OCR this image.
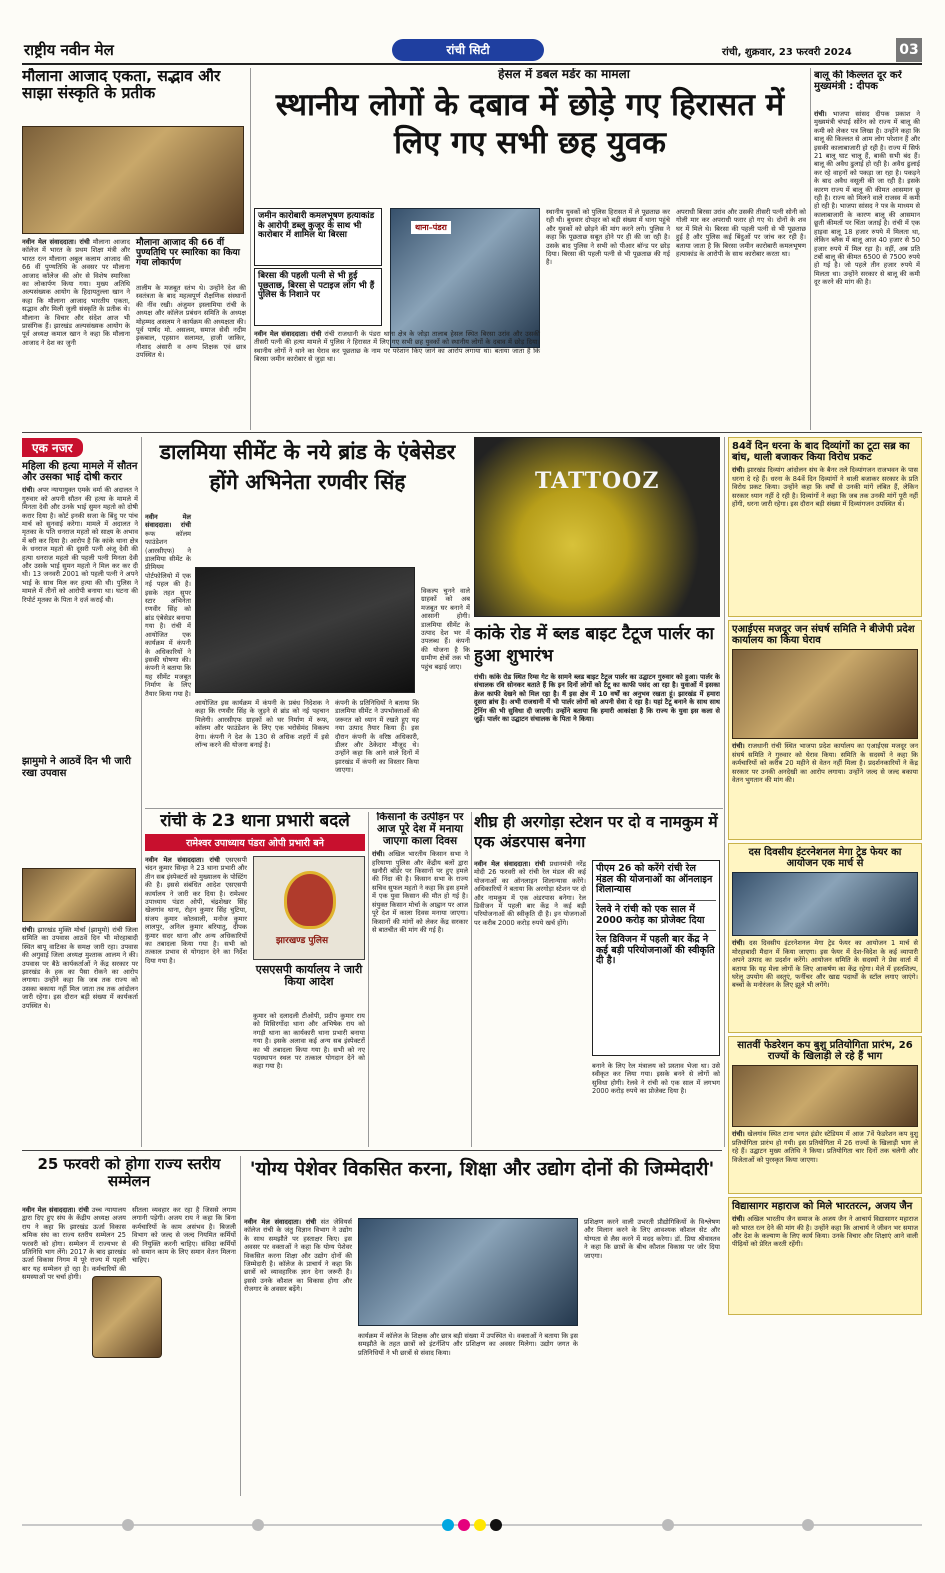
राष्ट्रीय नवीन मेल	रांची सिटी	रांची, शुक्रवार, 23 फरवरी 2024	03
मौलाना आजाद एकता, सद्भाव और साझा संस्कृति के प्रतीक
नवीन मेल संवाददाता। रांची मौलाना आजाद कॉलेज में भारत के प्रथम शिक्षा मंत्री और भारत रत्न मौलाना अबुल कलाम आजाद की 66 वीं पुण्यतिथि के अवसर पर मौलाना आजाद कॉलेज की ओर से विशेष स्मारिका का लोकार्पण किया गया। मुख्य अतिथि अल्पसंख्यक आयोग के हिदायतुल्ला खान ने कहा कि मौलाना आजाद भारतीय एकता, सद्भाव और मिली जुली संस्कृति के प्रतीक थे। मौलाना के विचार और संदेश आज भी प्रासंगिक हैं। झारखंड अल्पसंख्यक आयोग के पूर्व अध्यक्ष कमाल खान ने कहा कि मौलाना आजाद ने देश का जुनी
मौलाना आजाद की 66 वीं पुण्यतिथि पर स्मारिका का किया गया लोकार्पण
तालीम के मजबूत स्तंभ थे। उन्होंने देश की स्वतंत्रता के बाद महत्वपूर्ण शैक्षणिक संस्थानों की नींव रखी। अंजुमन इस्लामिया रांची के अध्यक्ष और कॉलेज प्रबंधन समिति के अध्यक्ष मोहम्मद असलम ने कार्यक्रम की अध्यक्षता की। पूर्व पार्षद मो. असलम, समाज सेवी नदीम इकबाल, एहसान सलामत, हाजी जाकिर, नौशाद अंसारी व अन्य शिक्षक एवं छात्र उपस्थित थे।
हेसल में डबल मर्डर का मामला
स्थानीय लोगों के दबाव में छोड़े गए हिरासत में लिए गए सभी छह युवक
जमीन कारोबारी कमलभूषण हत्याकांड के आरोपी डब्लू कुजूर के साथ भी कारोबार में शामिल था बिरसा
बिरसा की पहली पत्नी से भी हुई पूछताछ, बिरसा से पटाइज लोग भी हैं पुलिस के निशाने पर
थाना–पंडरा
नवीन मेल संवाददाता। रांची रांची राजधानी के पंडरा थाना क्षेत्र के जोड़ा तालाब हेसल स्थित बिरसा उरांव और उसकी तीसरी पत्नी की हत्या मामले में पुलिस ने हिरासत में लिए गए सभी छह युवकों को स्थानीय लोगों के दबाव में छोड़ दिया। स्थानीय लोगों ने थाने का घेराव कर पूछताछ के नाम पर परेशान किए जाने का आरोप लगाया था। बताया जाता है कि बिरसा जमीन कारोबार से जुड़ा था।
स्थानीय युवकों को पुलिस हिरासत में ले पूछताछ कर रही थी। बुधवार दोपहर को बड़ी संख्या में थाना पहुंचे और युवकों को छोड़ने की मांग करने लगे। पुलिस ने कहा कि पूछताछ सबूत होने पर ही की जा रही है। उसके बाद पुलिस ने सभी को पीआर बॉन्ड पर छोड़ दिया। बिरसा की पहली पत्नी से भी पूछताछ की गई है।
अपराधी बिरसा उरांव और उसकी तीसरी पत्नी सोनी को गोली मार कर अपराधी फरार हो गए थे। दोनों के शव घर में मिले थे। बिरसा की पहली पत्नी से भी पूछताछ हुई है और पुलिस कई बिंदुओं पर जांच कर रही है। बताया जाता है कि बिरसा जमीन कारोबारी कमलभूषण हत्याकांड के आरोपी के साथ कारोबार करता था।
बालू की किल्लत दूर करें मुख्यमंत्री : दीपक
रांची। भाजपा सांसद दीपक प्रकाश ने मुख्यमंत्री चंपाई सोरेन को राज्य में बालू की कमी को लेकर पत्र लिखा है। उन्होंने कहा कि बालू की किल्लत से आम लोग परेशान हैं और इसकी कालाबाजारी हो रही है। राज्य में सिर्फ 21 बालू घाट चालू हैं, बाकी सभी बंद हैं। बालू की अवैध ढुलाई हो रही है। अवैध ढुलाई कर रहे वाहनों को पकड़ा जा रहा है। पकड़ने के बाद अवैध वसूली की जा रही है। इसके कारण राज्य में बालू की कीमत आसमान छू रही है। राज्य को मिलने वाले राजस्व में कमी हो रही है। भाजपा सांसद ने पत्र के माध्यम से कालाबाजारी के कारण बालू की आसमान छूती कीमतों पर चिंता जताई है। रांची में एक हाइवा बालू 18 हजार रुपये में मिलता था, लेकिन ब्लैक में बालू आज 40 हजार से 50 हजार रुपये में मिल रहा है। वहीं, अब प्रति टर्बो बालू की कीमत 6500 से 7500 रुपये हो गई है। जो पहले तीन हजार रुपये में मिलता था। उन्होंने सरकार से बालू की कमी दूर करने की मांग की है।
एक नजर
महिला की हत्या मामले में सौतन और उसका भाई दोषी करार
रांची। अपर न्यायायुक्त एमके वर्मा की अदालत ने गुरुवार को अपनी सौतन की हत्या के मामले में मिनता देवी और उनके भाई सुमन महतो को दोषी करार दिया है। कोर्ट इनकी सजा के बिंदु पर पांच मार्च को सुनवाई करेगा। मामले में अदालत ने मृतका के पति धनराज महतो को साक्ष्य के अभाव में बरी कर दिया है। आरोप है कि कांके थाना क्षेत्र के धनराज महतो की दूसरी पत्नी अंजू देवी की हत्या धनराज महतो की पहली पत्नी मिनता देवी और उसके भाई सुमन महतो ने मिल कर कर दी थी। 13 जनवरी 2001 को पहली पत्नी ने अपने भाई के साथ मिल कर हत्या की थी। पुलिस ने मामले में तीनों को आरोपी बनाया था। घटना की रिपोर्ट मृतका के पिता ने दर्ज कराई थी।
झामुमो ने आठवें दिन भी जारी रखा उपवास
रांची। झारखंड मुक्ति मोर्चा (झामुमो) रांची जिला समिति का उपवास आठवें दिन भी मोरहाबादी स्थित बापू वाटिका के समक्ष जारी रहा। उपवास की अगुवाई जिला अध्यक्ष मुश्ताक आलम ने की। उपवास पर बैठे कार्यकर्ताओं ने केंद्र सरकार पर झारखंड के हक का पैसा रोकने का आरोप लगाया। उन्होंने कहा कि जब तक राज्य को उसका बकाया नहीं मिल जाता तब तक आंदोलन जारी रहेगा। इस दौरान बड़ी संख्या में कार्यकर्ता उपस्थित थे।
डालमिया सीमेंट के नये ब्रांड के एंबेसेडर होंगे अभिनेता रणवीर सिंह
नवीन मेल संवाददाता। रांची रूफ कॉलम फाउंडेशन (आरसीएफ) ने डालमिया सीमेंट के प्रीमियम पोर्टफोलियो में एक नई पहल की है। इसके तहत सुपर स्टार अभिनेता रणवीर सिंह को ब्रांड एंबेसेडर बनाया गया है। रांची में आयोजित एक कार्यक्रम में कंपनी के अधिकारियों ने इसकी घोषणा की। कंपनी ने बताया कि यह सीमेंट मजबूत निर्माण के लिए तैयार किया गया है।
विकल्प चुनने वाले ग्राहकों को अब मजबूत घर बनाने में आसानी होगी। डालमिया सीमेंट के उत्पाद देश भर में उपलब्ध हैं। कंपनी की योजना है कि ग्रामीण क्षेत्रों तक भी पहुंच बढ़ाई जाए।
आयोजित इस कार्यक्रम में कंपनी के प्रबंध निदेशक ने कहा कि रणवीर सिंह के जुड़ने से ब्रांड को नई पहचान मिलेगी। आरसीएफ ग्राहकों को घर निर्माण में रूफ, कॉलम और फाउंडेशन के लिए एक भरोसेमंद विकल्प देगा। कंपनी ने देश के 130 से अधिक शहरों में इसे लॉन्च करने की योजना बनाई है।
कंपनी के प्रतिनिधियों ने बताया कि डालमिया सीमेंट ने उपभोक्ताओं की जरूरत को ध्यान में रखते हुए यह नया उत्पाद तैयार किया है। इस दौरान कंपनी के वरिष्ठ अधिकारी, डीलर और ठेकेदार मौजूद थे। उन्होंने कहा कि आने वाले दिनों में झारखंड में कंपनी का विस्तार किया जाएगा।
TATTOOZ
कांके रोड में ब्लड बाइट टैटूज पार्लर का हुआ शुभारंभ
रांची। कांके रोड स्थित रिम्स गेट के सामने ब्लड बाइट टैटूज पार्लर का उद्घाटन गुरुवार को हुआ। पार्लर के संचालक रवि सोनकर बताते हैं कि इन दिनों लोगों को टैटू का काफी पसंद आ रहा है। युवाओं में इसका क्रेज काफी देखने को मिल रहा है। मैं इस क्षेत्र में 10 वर्षों का अनुभव रखता हूं। झारखंड में हमारा दूसरा ब्रांच है। अभी राजधानी में भी पार्लर लोगों को अपनी सेवा दे रहा है। यहां टैटू बनाने के साथ साथ ट्रेनिंग की भी सुविधा दी जाएगी। उन्होंने बताया कि हमारी आकांक्षा है कि राज्य के युवा इस कला से जुड़ें। पार्लर का उद्घाटन संचालक के पिता ने किया।
84वें दिन धरना के बाद दिव्यांगों का टूटा सब्र का बांध, थाली बजाकर किया विरोध प्रकट
रांची। झारखंड दिव्यांग आंदोलन संघ के बैनर तले दिव्यांगजन राजभवन के पास धरना दे रहे हैं। धरना के 84वें दिन दिव्यांगों ने थाली बजाकर सरकार के प्रति विरोध प्रकट किया। उन्होंने कहा कि वर्षों से उनकी मांगें लंबित हैं, लेकिन सरकार ध्यान नहीं दे रही है। दिव्यांगों ने कहा कि जब तक उनकी मांगें पूरी नहीं होंगी, धरना जारी रहेगा। इस दौरान बड़ी संख्या में दिव्यांगजन उपस्थित थे।
एआईएस मजदूर जन संघर्ष समिति ने बीजेपी प्रदेश कार्यालय का किया घेराव
रांची। राजधानी रांची स्थित भाजपा प्रदेश कार्यालय का एआईएस मजदूर जन संघर्ष समिति ने गुरुवार को घेराव किया। समिति के सदस्यों ने कहा कि कर्मचारियों को करीब 20 महीने से वेतन नहीं मिला है। प्रदर्शनकारियों ने केंद्र सरकार पर उनकी अनदेखी का आरोप लगाया। उन्होंने जल्द से जल्द बकाया वेतन भुगतान की मांग की।
दस दिवसीय इंटरनेशनल मेगा ट्रेड फेयर का आयोजन एक मार्च से
रांची। दस दिवसीय इंटरनेशनल मेगा ट्रेड फेयर का आयोजन 1 मार्च से मोरहाबादी मैदान में किया जाएगा। इस फेयर में देश-विदेश के कई व्यापारी अपने उत्पाद का प्रदर्शन करेंगे। आयोजन समिति के सदस्यों ने प्रेस वार्ता में बताया कि यह मेला लोगों के लिए आकर्षण का केंद्र रहेगा। मेले में हस्तशिल्प, घरेलू उपयोग की वस्तुएं, फर्नीचर और खाद्य पदार्थों के स्टॉल लगाए जाएंगे। बच्चों के मनोरंजन के लिए झूले भी लगेंगे।
सातवीं फेडरेशन कप बुशु प्रतियोगिता प्रारंभ, 26 राज्यों के खिलाड़ी ले रहे हैं भाग
रांची। खेलगांव स्थित टाना भगत इंडोर स्टेडियम में आज 7वें फेडरेशन कप वुशु प्रतियोगिता प्रारंभ हो गयी। इस प्रतियोगिता में 26 राज्यों के खिलाड़ी भाग ले रहे हैं। उद्घाटन मुख्य अतिथि ने किया। प्रतियोगिता चार दिनों तक चलेगी और विजेताओं को पुरस्कृत किया जाएगा।
विद्यासागर महाराज को मिले भारतरत्न, अजय जैन
रांची। अखिल भारतीय जैन समाज के अजय जैन ने आचार्य विद्यासागर महाराज को भारत रत्न देने की मांग की है। उन्होंने कहा कि आचार्य ने जीवन भर समाज और देश के कल्याण के लिए कार्य किया। उनके विचार और शिक्षाएं आने वाली पीढ़ियों को प्रेरित करती रहेंगी।
रांची के 23 थाना प्रभारी बदले
रामेश्वर उपाध्याय पंडरा ओपी प्रभारी बने
नवीन मेल संवाददाता। रांची एसएसपी चंदन कुमार सिन्हा ने 23 थाना प्रभारी और तीन सब इंस्पेक्टरों को मुख्यालय के पोस्टिंग की है। इससे संबंधित आदेश एसएसपी कार्यालय ने जारी कर दिया है। रामेश्वर उपाध्याय पंडरा ओपी, चंद्रशेखर सिंह खेलगांव थाना, रोहन कुमार सिंह चुटिया, संजय कुमार कोतवाली, मनोज कुमार लालपुर, अनिल कुमार बरियातु, दीपक कुमार सदर थाना और अन्य अधिकारियों का तबादला किया गया है। सभी को तत्काल प्रभाव से योगदान देने का निर्देश दिया गया है।
झारखण्ड पुलिस
एसएसपी कार्यालय ने जारी किया आदेश
कुमार को दलादली टीओपी, प्रदीप कुमार राय को मिसिरगोंदा थाना और अभिषेक राय को नगड़ी थाना का कार्यकारी थाना प्रभारी बनाया गया है। इसके अलावा कई अन्य सब इंस्पेक्टरों का भी तबादला किया गया है। सभी को नए पदस्थापन स्थल पर तत्काल योगदान देने को कहा गया है।
किसानों के उत्पीड़न पर आज पूरे देश में मनाया जाएगा काला दिवस
रांची। अखिल भारतीय किसान सभा ने हरियाणा पुलिस और केंद्रीय बलों द्वारा खनौरी बॉर्डर पर किसानों पर हुए हमले की निंदा की है। किसान सभा के राज्य सचिव सुफल महतो ने कहा कि इस हमले में एक युवा किसान की मौत हो गई है। संयुक्त किसान मोर्चा के आह्वान पर आज पूरे देश में काला दिवस मनाया जाएगा। किसानों की मांगों को लेकर केंद्र सरकार से बातचीत की मांग की गई है।
शीघ्र ही अरगोड़ा स्टेशन पर दो व नामकुम में एक अंडरपास बनेगा
नवीन मेल संवाददाता। रांची प्रधानमंत्री नरेंद्र मोदी 26 फरवरी को रांची रेल मंडल की कई योजनाओं का ऑनलाइन शिलान्यास करेंगे। अधिकारियों ने बताया कि अरगोड़ा स्टेशन पर दो और नामकुम में एक अंडरपास बनेगा। रेल डिवीजन में पहली बार केंद्र ने कई बड़ी परियोजनाओं की स्वीकृति दी है। इन योजनाओं पर करीब 2000 करोड़ रुपये खर्च होंगे।
पीएम 26 को करेंगे रांची रेल मंडल की योजनाओं का ऑनलाइन शिलान्यास
रेलवे ने रांची को एक साल में 2000 करोड़ का प्रोजेक्ट दिया
रेल डिविजन में पहली बार केंद्र ने कई बड़ी परियोजनाओं की स्वीकृति दी है।
बनाने के लिए रेल मंत्रालय को प्रस्ताव भेजा था। उसे स्वीकृत कर लिया गया। इसके बनने से लोगों को सुविधा होगी। रेलवे ने रांची को एक साल में लगभग 2000 करोड़ रुपये का प्रोजेक्ट दिया है।
25 फरवरी को होगा राज्य स्तरीय सम्मेलन
नवीन मेल संवाददाता। रांची उच्च न्यायालय द्वारा दिए हुए संघ के केंद्रीय अध्यक्ष अजय राय ने कहा कि झारखंड ऊर्जा विकास श्रमिक संघ का राज्य स्तरीय सम्मेलन 25 फरवरी को होगा। सम्मेलन में राज्यभर से प्रतिनिधि भाग लेंगे। 2017 के बाद झारखंड ऊर्जा विकास निगम में पूरे राज्य में पहली बार यह सम्मेलन हो रहा है। कर्मचारियों की समस्याओं पर चर्चा होगी।
सीतला व्यवहार कर रहा है जिससे लगाम लगानी पड़ेगी। अजय राय ने कहा कि बिना कर्मचारियों के काम असंभव है। बिजली विभाग को जल्द से जल्द नियमित कर्मियों की नियुक्ति करनी चाहिए। संविदा कर्मियों को समान काम के लिए समान वेतन मिलना चाहिए।
'योग्य पेशेवर विकसित करना, शिक्षा और उद्योग दोनों की जिम्मेदारी'
नवीन मेल संवाददाता। रांची संत जेवियर्स कॉलेज रांची के जंतु विज्ञान विभाग ने उद्योग के साथ समझौते पर हस्ताक्षर किए। इस अवसर पर वक्ताओं ने कहा कि योग्य पेशेवर विकसित करना शिक्षा और उद्योग दोनों की जिम्मेदारी है। कॉलेज के प्राचार्य ने कहा कि छात्रों को व्यावहारिक ज्ञान देना जरूरी है। इससे उनके कौशल का विकास होगा और रोजगार के अवसर बढ़ेंगे।
कार्यक्रम में कॉलेज के शिक्षक और छात्र बड़ी संख्या में उपस्थित थे। वक्ताओं ने बताया कि इस समझौते के तहत छात्रों को इंटर्नशिप और प्रशिक्षण का अवसर मिलेगा। उद्योग जगत के प्रतिनिधियों ने भी छात्रों से संवाद किया।
प्रशिक्षण करने वाली उभरती प्रौद्योगिकियों के विश्लेषण और मिलान करने के लिए आवश्यक कौशल सेट और योग्यता से लैस करने में मदद करेगा। डॉ. प्रिया श्रीवास्तव ने कहा कि छात्रों के बीच कौशल विकास पर जोर दिया जाएगा।
